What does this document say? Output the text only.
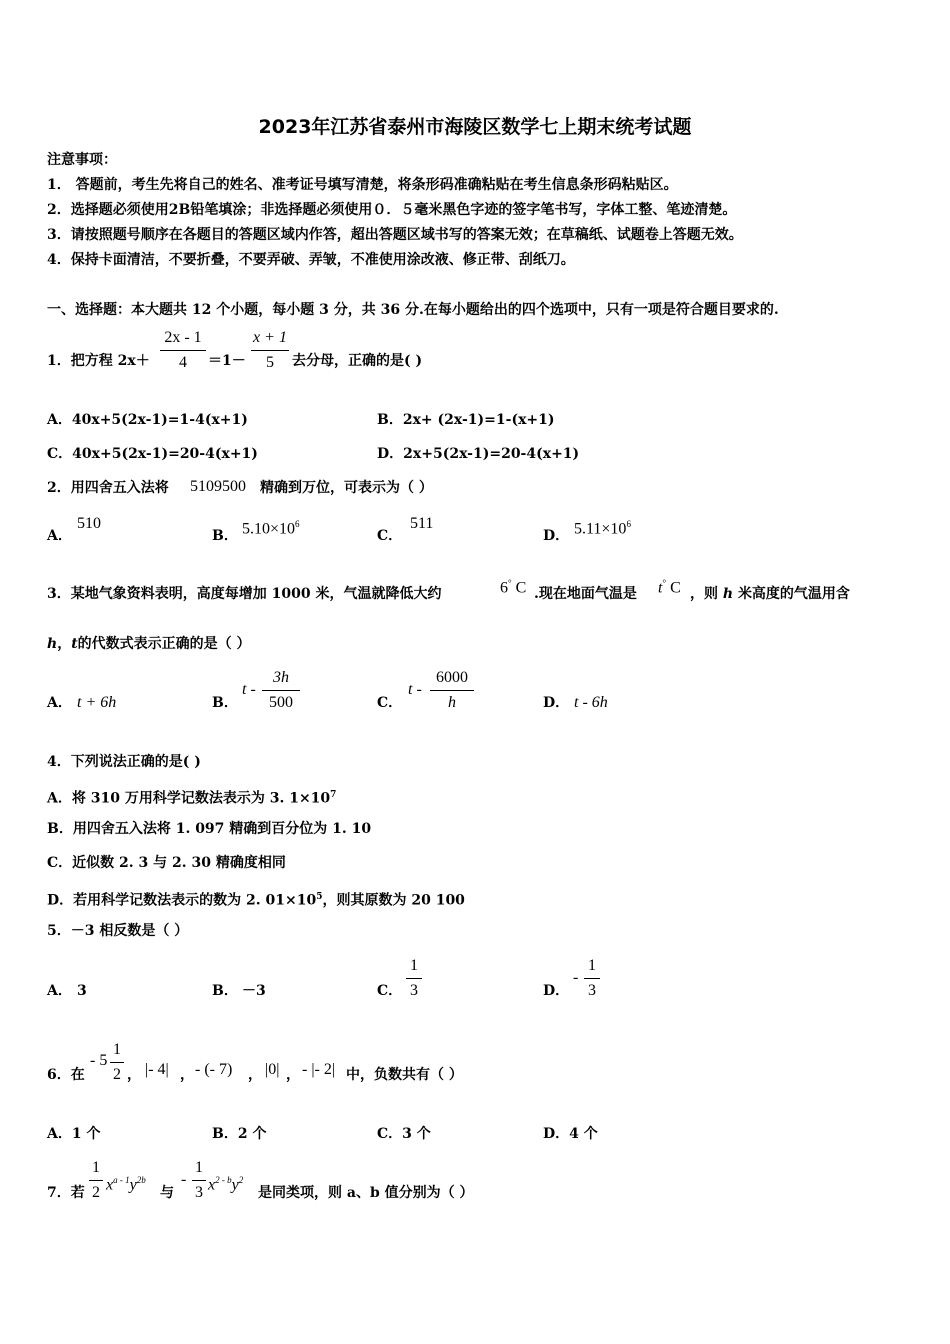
2023年江苏省泰州市海陵区数学七上期末统考试题
注意事项：
1． 答题前，考生先将自己的姓名、准考证号填写清楚，将条形码准确粘贴在考生信息条形码粘贴区。
2．选择题必须使用2B铅笔填涂；非选择题必须使用０．５毫米黑色字迹的签字笔书写，字体工整、笔迹清楚。
3．请按照题号顺序在各题目的答题区域内作答，超出答题区域书写的答案无效；在草稿纸、试题卷上答题无效。
4．保持卡面清洁，不要折叠，不要弄破、弄皱，不准使用涂改液、修正带、刮纸刀。
一、选择题：本大题共 12 个小题，每小题 3 分，共 36 分.在每小题给出的四个选项中，只有一项是符合题目要求的.
1．把方程 2x＋
2x - 1
4	＝1－
x + 1
5	去分母，正确的是( )
A．40x+5(2x-1)=1-4(x+1)	B．2x+ (2x-1)=1-(x+1)
C．40x+5(2x-1)=20-4(x+1)	D．2x+5(2x-1)=20-4(x+1)
2．用四舍五入法将 5109500 精确到万位，可表示为（ ）
A．
510
B． $5.10\times 10^6$
C．
511
D． $5.11\times 10^6$
3．某地气象资料表明，高度每增加 1000 米，气温就降低大约	6° C .现在地面气温是 t° C ，则 h 米高度的气温用含
h，t的代数式表示正确的是（ ）
A． t + 6h	B．
t -
3h
500	C．
t -
6000
h	D． t - 6h
4．下列说法正确的是( )
A．将 310 万用科学记数法表示为 3. $1\times 10^7$
B．用四舍五入法将 1. 097 精确到百分位为 1. 10
C．近似数 2. 3 与 2. 30 精确度相同
D．若用科学记数法表示的数为 2. $01\times 10^5$，则其原数为 20 100
5．－3 相反数是（ ）
A． 3	B． －3	C．
1
3	D．
-
1
3
6．在
- 5
1
2 ， |- 4| ， - (- 7) ， |0| ， - |- 2| 中，负数共有（ ）
A．1 个	B．2 个	C．3 个	D．4 个
7．若
1
2 $x^{a - 1}y^{2b}$
与
-
1
3 $x^{2 - b}y^2$
是同类项，则 a、b 值分别为（ ）
